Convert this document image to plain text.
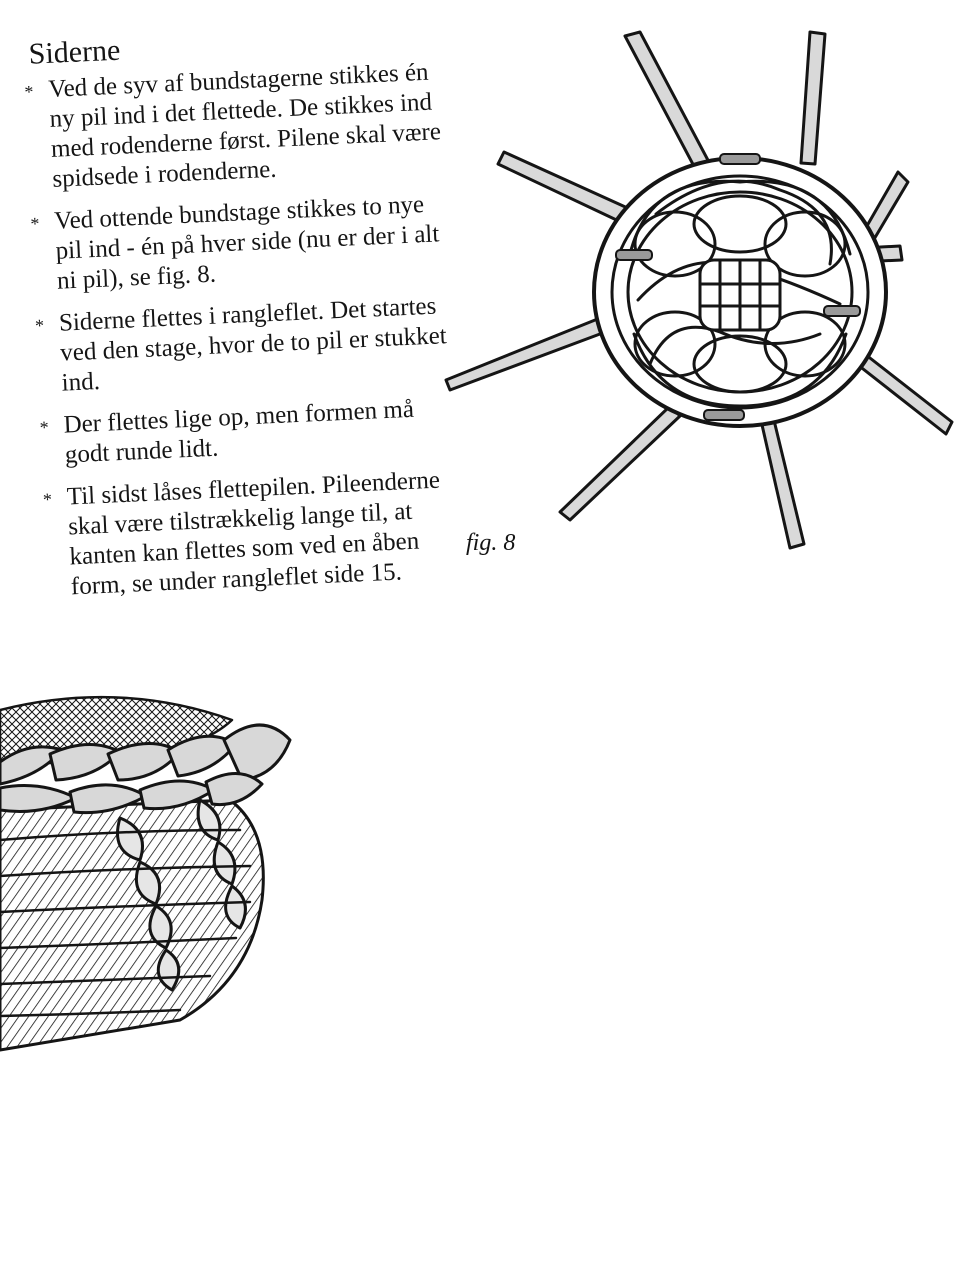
Siderne
* Ved de syv af bundstagerne stikkes én ny pil ind i det flettede. De stikkes ind med rodenderne først. Pilene skal være spidsede i rodenderne.
* Ved ottende bundstage stikkes to nye pil ind - én på hver side (nu er der i alt ni pil), se fig. 8.
* Siderne flettes i rangleflet. Det startes ved den stage, hvor de to pil er stukket ind.
* Der flettes lige op, men formen må godt runde lidt.
* Til sidst låses flettepilen. Pileenderne skal være tilstrækkelig lange til, at kanten kan flettes som ved en åben form, se under rangleflet side 15.
fig. 8
